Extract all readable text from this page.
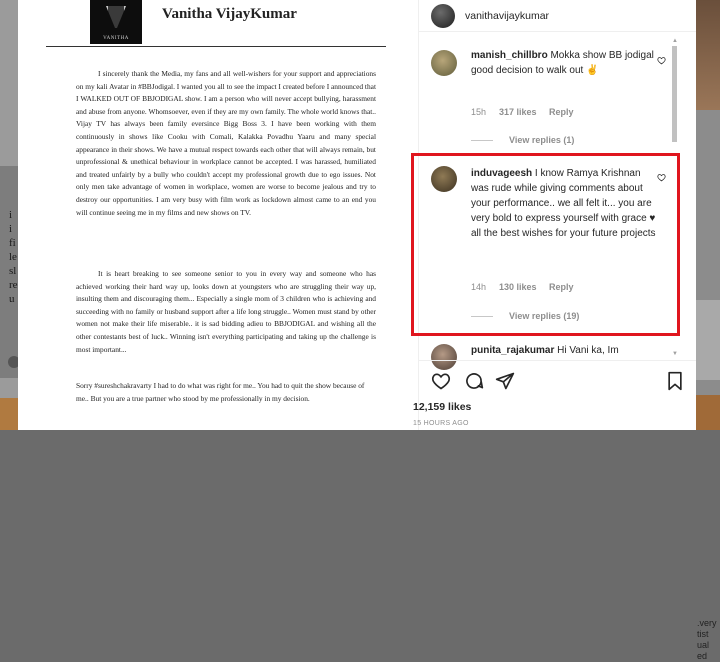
i
i
fi
le
sl
re
u
.very
tist
ual
ed
VANITHA
Vanitha VijayKumar

I sincerely thank the Media, my fans and all well-wishers for your support and appreciations on my kali Avatar in #BBJodigal. I wanted you all to see the impact I created before I announced that I WALKED OUT OF BBJODIGAL show. I am a person who will never accept bullying, harassment and abuse from anyone. Whomsoever, even if they are my own family. The whole world knows that.. Vijay TV has always been family eversince Bigg Boss 3. I have been working with them continuously in shows like Cooku with Comali, Kalakka Povadhu Yaaru and many special appearance in their shows. We have a mutual respect towards each other that will always remain, but unprofessional & unethical behaviour in workplace cannot be accepted. I was harassed, humiliated and treated unfairly by a bully who couldn't accept my professional growth due to ego issues. Not only men take advantage of women in workplace, women are worse to become jealous and try to destroy our opportunities. I am very busy with film work as lockdown almost came to an end you will continue seeing me in my films and new shows on TV.

It is heart breaking to see someone senior to you in every way and someone who has achieved working their hard way up, looks down at youngsters who are struggling their way up, insulting them and discouraging them... Especially a single mom of 3 children who is achieving and succeeding with no family or husband support after a life long struggle.. Women must stand by other women not make their life miserable.. it is sad bidding adieu to BBJODIGAL and wishing all the other contestants best of luck.. Winning isn't everything participating and taking up the challenge is most important...

Sorry #sureshchakravarty I had to do what was right for me.. You had to quit the show because of me.. But you are a true partner who stood by me professionally in my decision.

vanithavijaykumar
manish_chillbro Mokka show BB jodigal good decision to walk out ✌
15h 317 likes Reply
View replies (1)
induvageesh I know Ramya Krishnan was rude while giving comments about your performance.. we all felt it... you are very bold to express yourself with grace ♥ all the best wishes for your future projects
14h 130 likes Reply
View replies (19)
punita_rajakumar Hi Vani ka, Im
12,159 likes
15 HOURS AGO
▲
▼
